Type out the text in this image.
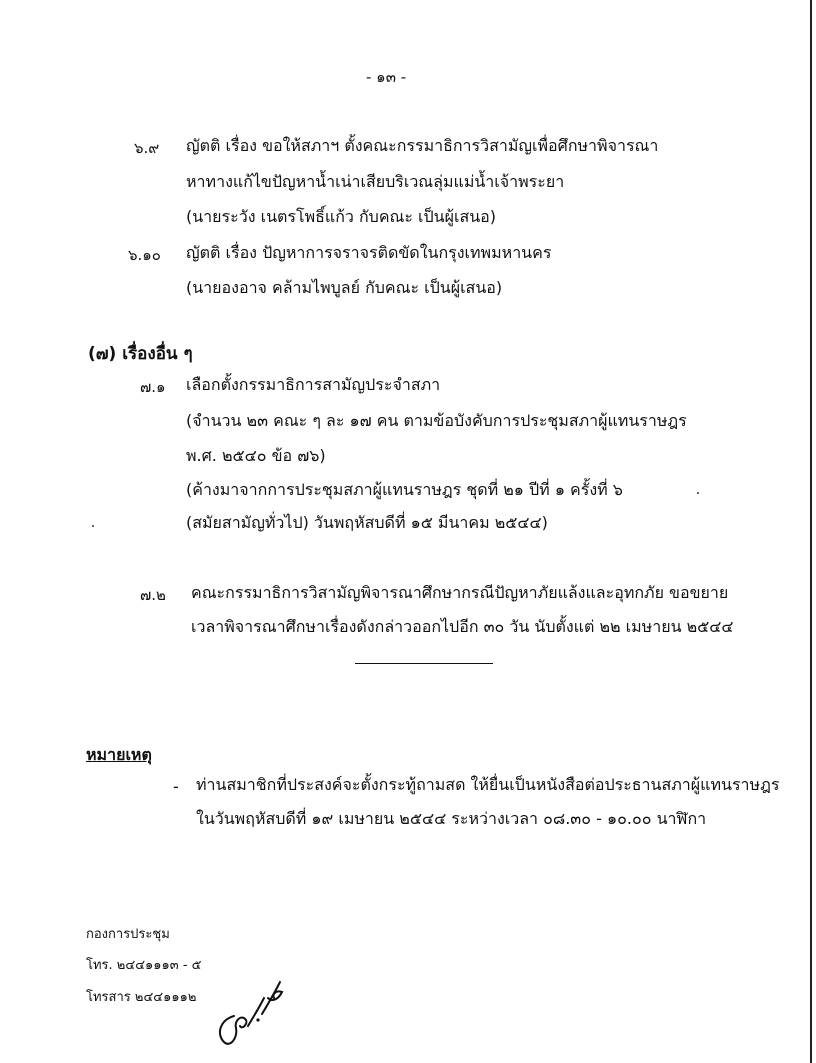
- ๑๓ -
๖.๙ ญัตติ เรื่อง ขอให้สภาฯ ตั้งคณะกรรมาธิการวิสามัญเพื่อศึกษาพิจารณา
หาทางแก้ไขปัญหาน้ำเน่าเสียบริเวณลุ่มแม่น้ำเจ้าพระยา
(นายระวัง เนตรโพธิ์แก้ว กับคณะ เป็นผู้เสนอ)
๖.๑๐ ญัตติ เรื่อง ปัญหาการจราจรติดขัดในกรุงเทพมหานคร
(นายองอาจ คล้ามไพบูลย์ กับคณะ เป็นผู้เสนอ)
(๗) เรื่องอื่น ๆ
๗.๑ เลือกตั้งกรรมาธิการสามัญประจำสภา
(จำนวน ๒๓ คณะ ๆ ละ ๑๗ คน ตามข้อบังคับการประชุมสภาผู้แทนราษฎร
พ.ศ. ๒๕๔๐ ข้อ ๗๖)
(ค้างมาจากการประชุมสภาผู้แทนราษฎร ชุดที่ ๒๑ ปีที่ ๑ ครั้งที่ ๖
(สมัยสามัญทั่วไป) วันพฤหัสบดีที่ ๑๕ มีนาคม ๒๕๔๔)
๗.๒ คณะกรรมาธิการวิสามัญพิจารณาศึกษากรณีปัญหาภัยแล้งและอุทกภัย ขอขยาย
เวลาพิจารณาศึกษาเรื่องดังกล่าวออกไปอีก ๓๐ วัน นับตั้งแต่ ๒๒ เมษายน ๒๕๔๔
หมายเหตุ
- ท่านสมาชิกที่ประสงค์จะตั้งกระทู้ถามสด ให้ยื่นเป็นหนังสือต่อประธานสภาผู้แทนราษฎร
ในวันพฤหัสบดีที่ ๑๙ เมษายน ๒๕๔๔ ระหว่างเวลา ๐๘.๓๐ - ๑๐.๐๐ นาฬิกา
กองการประชุม
โทร. ๒๔๔๑๑๑๓ - ๕
โทรสาร ๒๔๔๑๑๑๒
